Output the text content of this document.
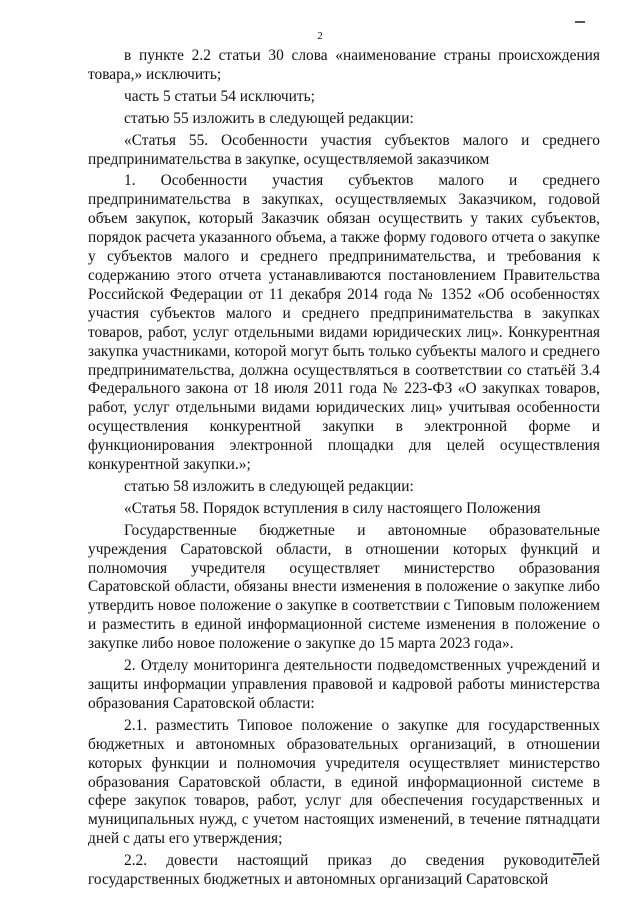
2

в пункте 2.2 статьи 30 слова «наименование страны происхождения товара,» исключить;

часть 5 статьи 54 исключить;

статью 55 изложить в следующей редакции:

«Статья 55. Особенности участия субъектов малого и среднего предпринимательства в закупке, осуществляемой заказчиком

1. Особенности участия субъектов малого и среднего предпринимательства в закупках, осуществляемых Заказчиком, годовой объем закупок, который Заказчик обязан осуществить у таких субъектов, порядок расчета указанного объема, а также форму годового отчета о закупке у субъектов малого и среднего предпринимательства, и требования к содержанию этого отчета устанавливаются постановлением Правительства Российской Федерации от 11 декабря 2014 года № 1352 «Об особенностях участия субъектов малого и среднего предпринимательства в закупках товаров, работ, услуг отдельными видами юридических лиц». Конкурентная закупка участниками, которой могут быть только субъекты малого и среднего предпринимательства, должна осуществляться в соответствии со статьёй 3.4 Федерального закона от 18 июля 2011 года № 223-ФЗ «О закупках товаров, работ, услуг отдельными видами юридических лиц» учитывая особенности осуществления конкурентной закупки в электронной форме и функционирования электронной площадки для целей осуществления конкурентной закупки.»;

статью 58 изложить в следующей редакции:

«Статья 58. Порядок вступления в силу настоящего Положения

Государственные бюджетные и автономные образовательные учреждения Саратовской области, в отношении которых функций и полномочия учредителя осуществляет министерство образования Саратовской области, обязаны внести изменения в положение о закупке либо утвердить новое положение о закупке в соответствии с Типовым положением и разместить в единой информационной системе изменения в положение о закупке либо новое положение о закупке до 15 марта 2023 года».

2. Отделу мониторинга деятельности подведомственных учреждений и защиты информации управления правовой и кадровой работы министерства образования Саратовской области:

2.1. разместить Типовое положение о закупке для государственных бюджетных и автономных образовательных организаций, в отношении которых функции и полномочия учредителя осуществляет министерство образования Саратовской области, в единой информационной системе в сфере закупок товаров, работ, услуг для обеспечения государственных и муниципальных нужд, с учетом настоящих изменений, в течение пятнадцати дней с даты его утверждения;

2.2. довести настоящий приказ до сведения руководителей государственных бюджетных и автономных организаций Саратовской
